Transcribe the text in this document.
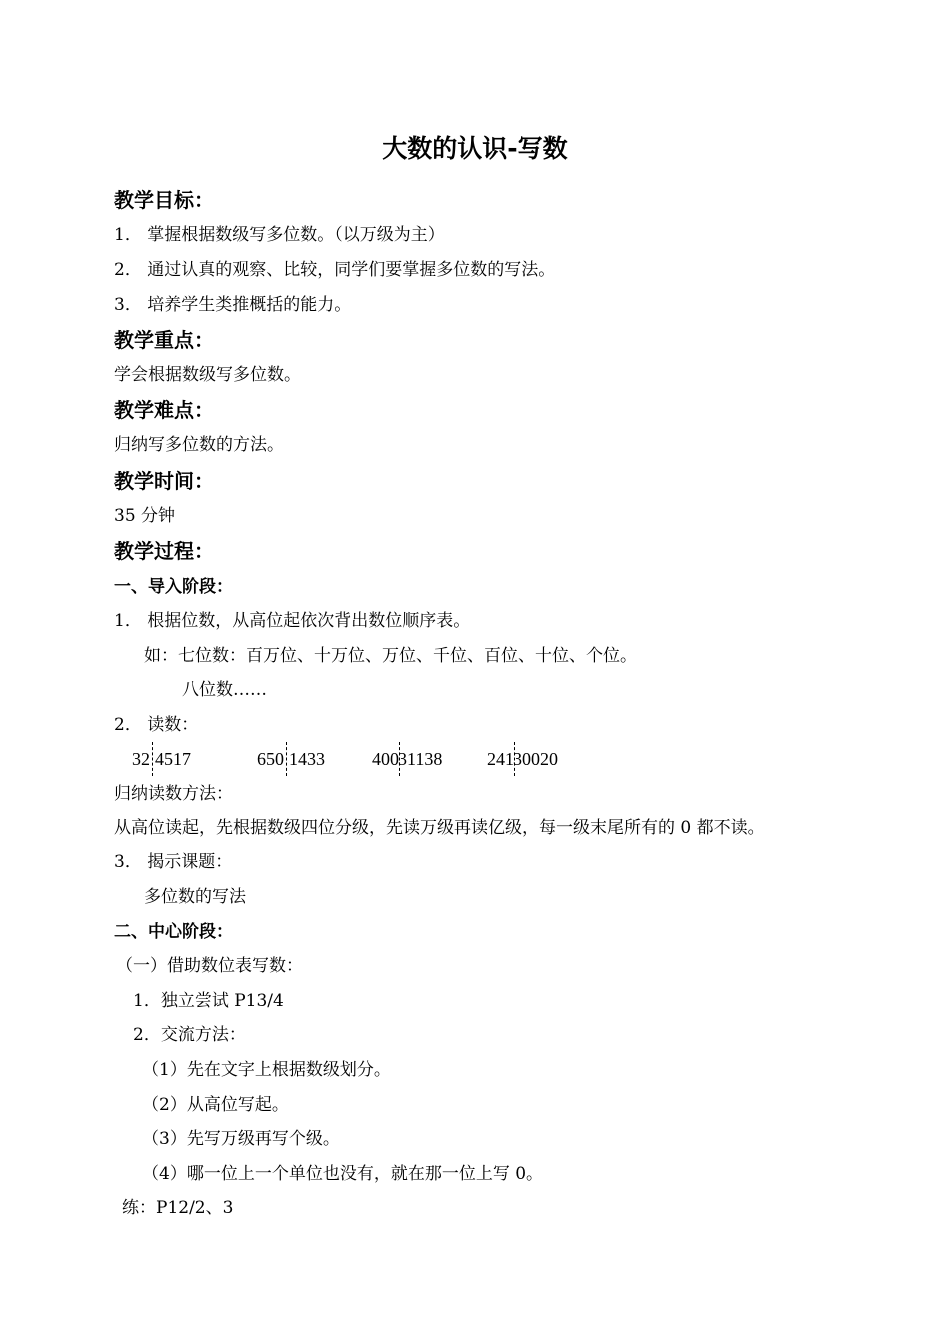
大数的认识-写数
教学目标：
1． 掌握根据数级写多位数。（以万级为主）
2． 通过认真的观察、比较，同学们要掌握多位数的写法。
3． 培养学生类推概括的能力。
教学重点：
学会根据数级写多位数。
教学难点：
归纳写多位数的方法。
教学时间：
35 分钟
教学过程：
一、导入阶段：
1． 根据位数，从高位起依次背出数位顺序表。
如：七位数：百万位、十万位、万位、千位、百位、十位、个位。
八位数……
2． 读数：
32 4517	650 1433	40031138 24130020
归纳读数方法：
从高位读起，先根据数级四位分级，先读万级再读亿级，每一级末尾所有的 0 都不读。
3． 揭示课题：
多位数的写法
二、中心阶段：
（一）借助数位表写数：
1．独立尝试 P13/4
2．交流方法：
（1）先在文字上根据数级划分。
（2）从高位写起。
（3）先写万级再写个级。
（4）哪一位上一个单位也没有，就在那一位上写 0。
练：P12/2、3
